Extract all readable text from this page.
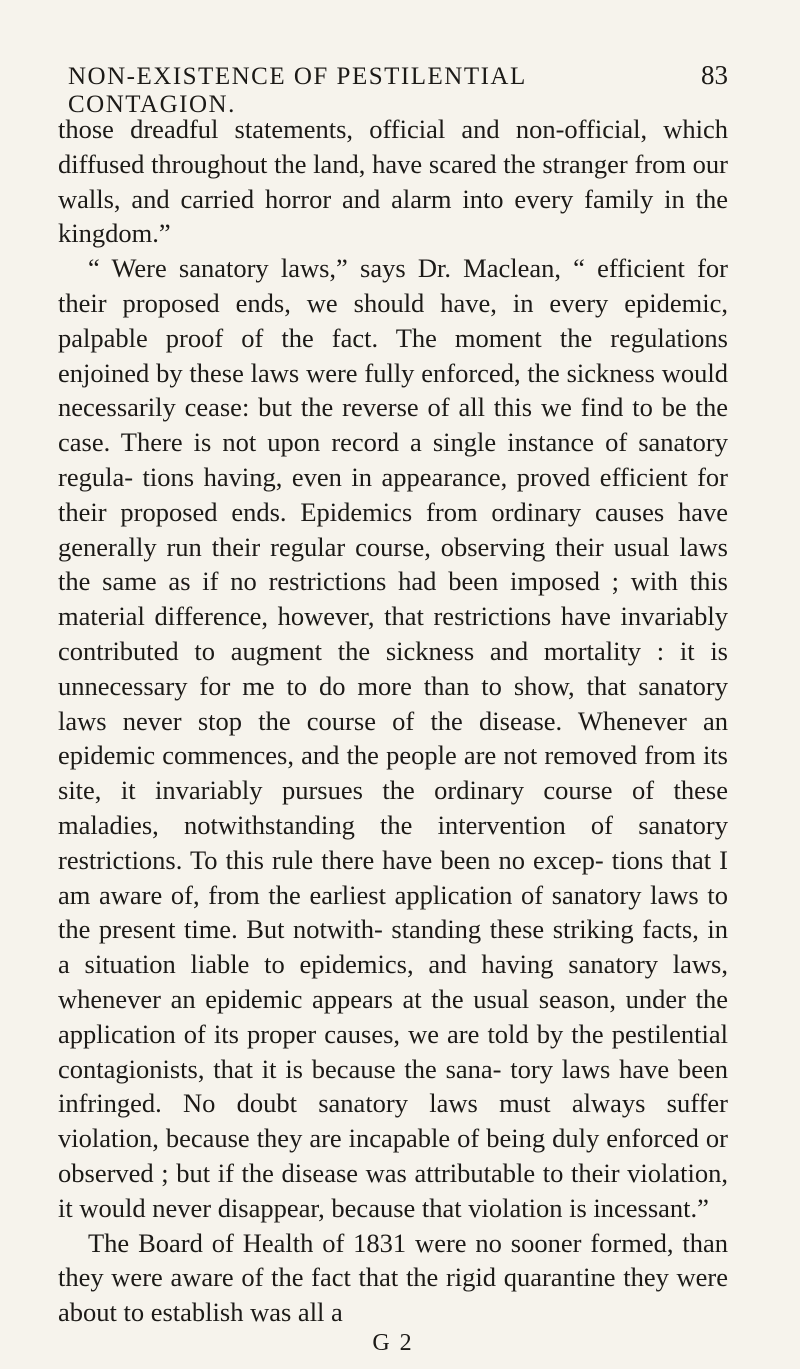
NON-EXISTENCE OF PESTILENTIAL CONTAGION.
83

those dreadful statements, official and non-official, which diffused throughout the land, have scared the stranger from our walls, and carried horror and alarm into every family in the kingdom.”

“ Were sanatory laws,” says Dr. Maclean, “ efficient for their proposed ends, we should have, in every epidemic, palpable proof of the fact. The moment the regulations enjoined by these laws were fully enforced, the sickness would necessarily cease: but the reverse of all this we find to be the case. There is not upon record a single instance of sanatory regula- tions having, even in appearance, proved efficient for their proposed ends. Epidemics from ordinary causes have generally run their regular course, observing their usual laws the same as if no restrictions had been imposed ; with this material difference, however, that restrictions have invariably contributed to augment the sickness and mortality : it is unnecessary for me to do more than to show, that sanatory laws never stop the course of the disease. Whenever an epidemic commences, and the people are not removed from its site, it invariably pursues the ordinary course of these maladies, notwithstanding the intervention of sanatory restrictions. To this rule there have been no excep- tions that I am aware of, from the earliest application of sanatory laws to the present time. But notwith- standing these striking facts, in a situation liable to epidemics, and having sanatory laws, whenever an epidemic appears at the usual season, under the application of its proper causes, we are told by the pestilential contagionists, that it is because the sana- tory laws have been infringed. No doubt sanatory laws must always suffer violation, because they are incapable of being duly enforced or observed ; but if the disease was attributable to their violation, it would never disappear, because that violation is incessant.”

The Board of Health of 1831 were no sooner formed, than they were aware of the fact that the rigid quarantine they were about to establish was all a

G 2
